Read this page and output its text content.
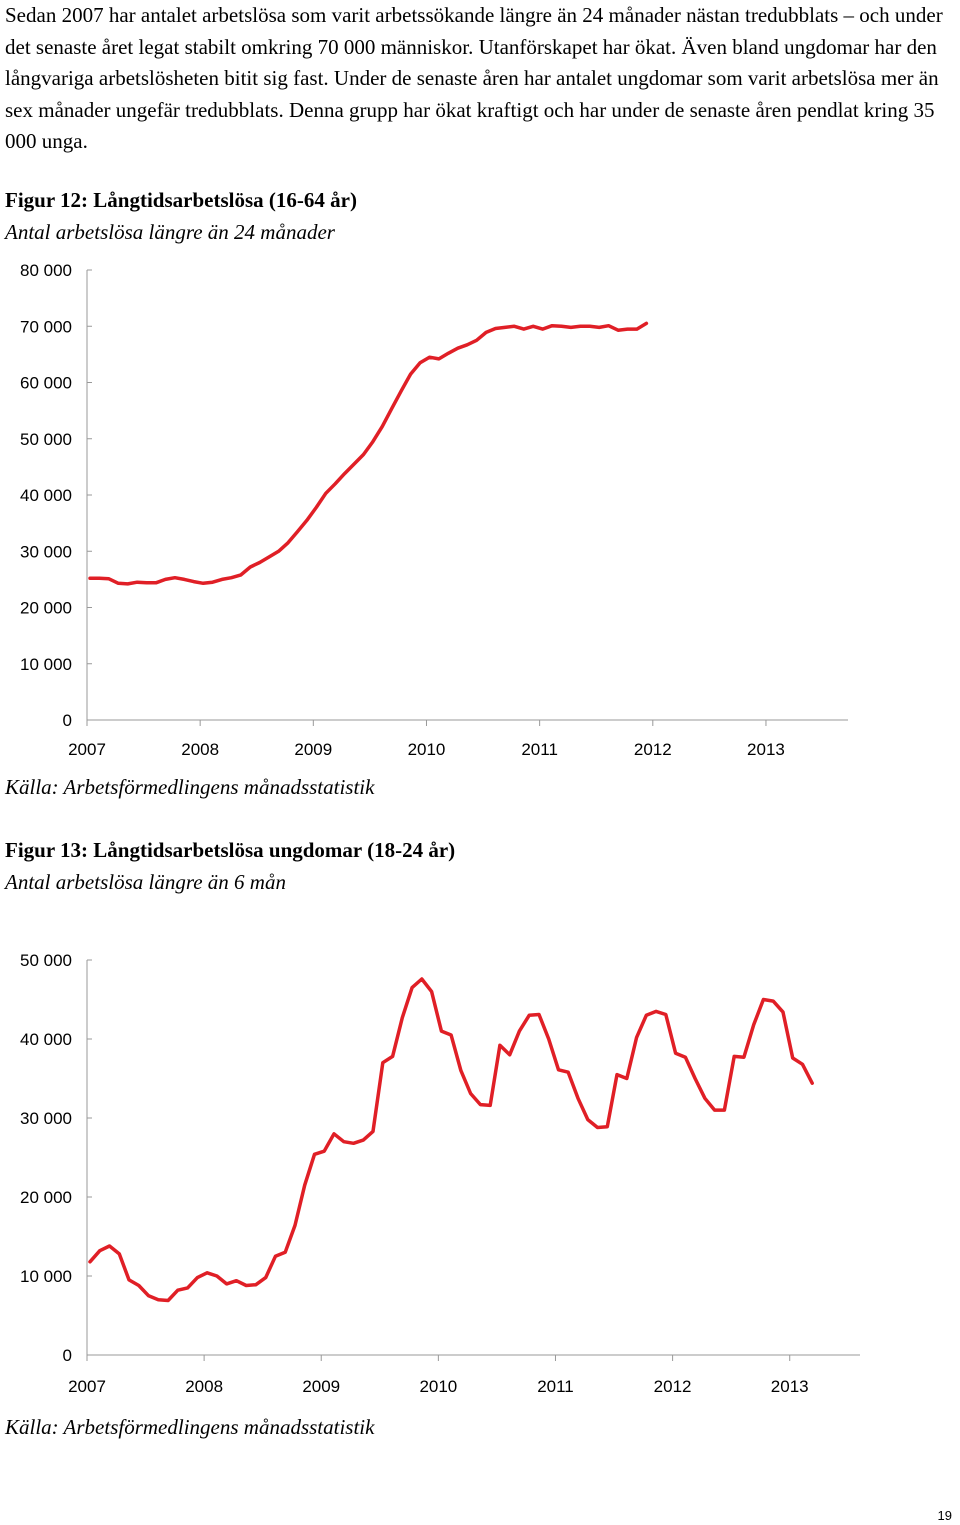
Sedan 2007 har antalet arbetslösa som varit arbetssökande längre än 24 månader nästan tredubblats – och under det senaste året legat stabilt omkring 70 000 människor. Utanförskapet har ökat. Även bland ungdomar har den långvariga arbetslösheten bitit sig fast. Under de senaste åren har antalet ungdomar som varit arbetslösa mer än sex månader ungefär tredubblats. Denna grupp har ökat kraftigt och har under de senaste åren pendlat kring 35 000 unga.

Figur 12: Långtidsarbetslösa (16-64 år)

Antal arbetslösa längre än 24 månader

0
10 000
20 000
30 000
40 000
50 000
60 000
70 000
80 000
2007	2008	2009	2010	2011	2012	2013

Källa: Arbetsförmedlingens månadsstatistik

Figur 13: Långtidsarbetslösa ungdomar (18-24 år)

Antal arbetslösa längre än 6 mån

0
10 000
20 000
30 000
40 000
50 000
2007	2008	2009	2010	2011	2012	2013

Källa: Arbetsförmedlingens månadsstatistik

19
